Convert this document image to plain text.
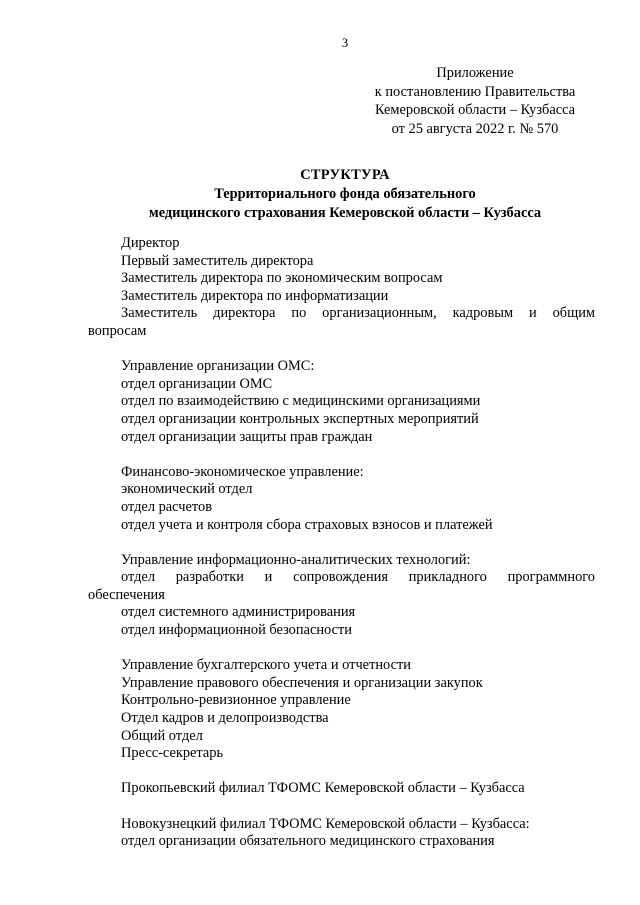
3
Приложение
к постановлению Правительства
Кемеровской области – Кузбасса
от 25 августа 2022 г. № 570
СТРУКТУРА
Территориального фонда обязательного
медицинского страхования Кемеровской области – Кузбасса
Директор
Первый заместитель директора
Заместитель директора по экономическим вопросам
Заместитель директора по информатизации
Заместитель директора по организационным, кадровым и общим
вопросам
Управление организации ОМС:
отдел организации ОМС
отдел по взаимодействию с медицинскими организациями
отдел организации контрольных экспертных мероприятий
отдел организации защиты прав граждан
Финансово-экономическое управление:
экономический отдел
отдел расчетов
отдел учета и контроля сбора страховых взносов и платежей
Управление информационно-аналитических технологий:
отдел разработки и сопровождения прикладного программного
обеспечения
отдел системного администрирования
отдел информационной безопасности
Управление бухгалтерского учета и отчетности
Управление правового обеспечения и организации закупок
Контрольно-ревизионное управление
Отдел кадров и делопроизводства
Общий отдел
Пресс-секретарь
Прокопьевский филиал ТФОМС Кемеровской области – Кузбасса
Новокузнецкий филиал ТФОМС Кемеровской области – Кузбасса:
отдел организации обязательного медицинского страхования
